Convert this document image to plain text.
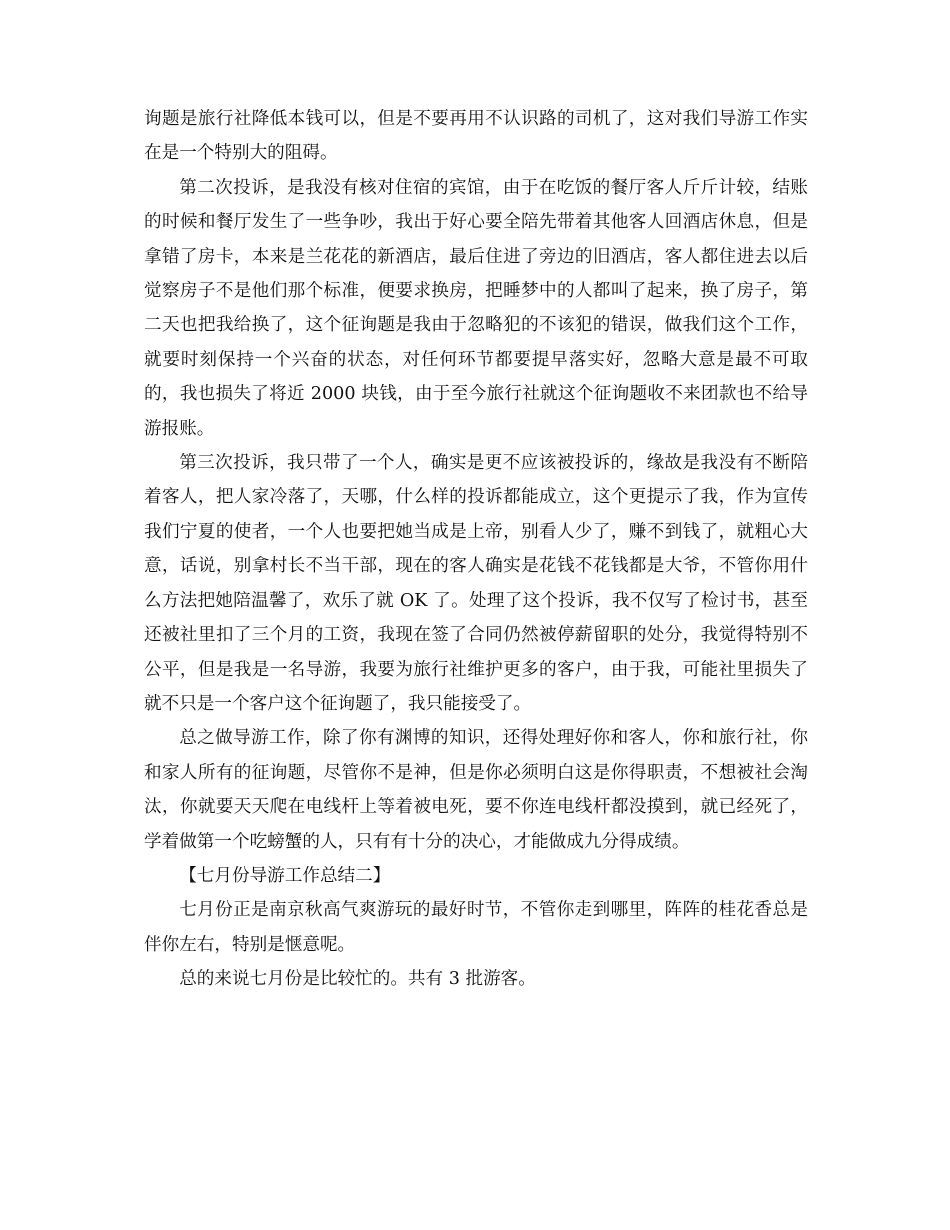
询题是旅行社降低本钱可以，但是不要再用不认识路的司机了，这对我们导游工作实在是一个特别大的阻碍。

第二次投诉，是我没有核对住宿的宾馆，由于在吃饭的餐厅客人斤斤计较，结账的时候和餐厅发生了一些争吵，我出于好心要全陪先带着其他客人回酒店休息，但是拿错了房卡，本来是兰花花的新酒店，最后住进了旁边的旧酒店，客人都住进去以后觉察房子不是他们那个标准，便要求换房，把睡梦中的人都叫了起来，换了房子，第二天也把我给换了，这个征询题是我由于忽略犯的不该犯的错误，做我们这个工作，就要时刻保持一个兴奋的状态，对任何环节都要提早落实好，忽略大意是最不可取的，我也损失了将近 2000 块钱，由于至今旅行社就这个征询题收不来团款也不给导游报账。

第三次投诉，我只带了一个人，确实是更不应该被投诉的，缘故是我没有不断陪着客人，把人家冷落了，天哪，什么样的投诉都能成立，这个更提示了我，作为宣传我们宁夏的使者，一个人也要把她当成是上帝，别看人少了，赚不到钱了，就粗心大意，话说，别拿村长不当干部，现在的客人确实是花钱不花钱都是大爷，不管你用什么方法把她陪温馨了，欢乐了就 OK 了。处理了这个投诉，我不仅写了检讨书，甚至还被社里扣了三个月的工资，我现在签了合同仍然被停薪留职的处分，我觉得特别不公平，但是我是一名导游，我要为旅行社维护更多的客户，由于我，可能社里损失了就不只是一个客户这个征询题了，我只能接受了。

总之做导游工作，除了你有渊博的知识，还得处理好你和客人，你和旅行社，你和家人所有的征询题，尽管你不是神，但是你必须明白这是你得职责，不想被社会淘汰，你就要天天爬在电线杆上等着被电死，要不你连电线杆都没摸到，就已经死了，学着做第一个吃螃蟹的人，只有有十分的决心，才能做成九分得成绩。

【七月份导游工作总结二】

七月份正是南京秋高气爽游玩的最好时节，不管你走到哪里，阵阵的桂花香总是伴你左右，特别是惬意呢。

总的来说七月份是比较忙的。共有 3 批游客。
